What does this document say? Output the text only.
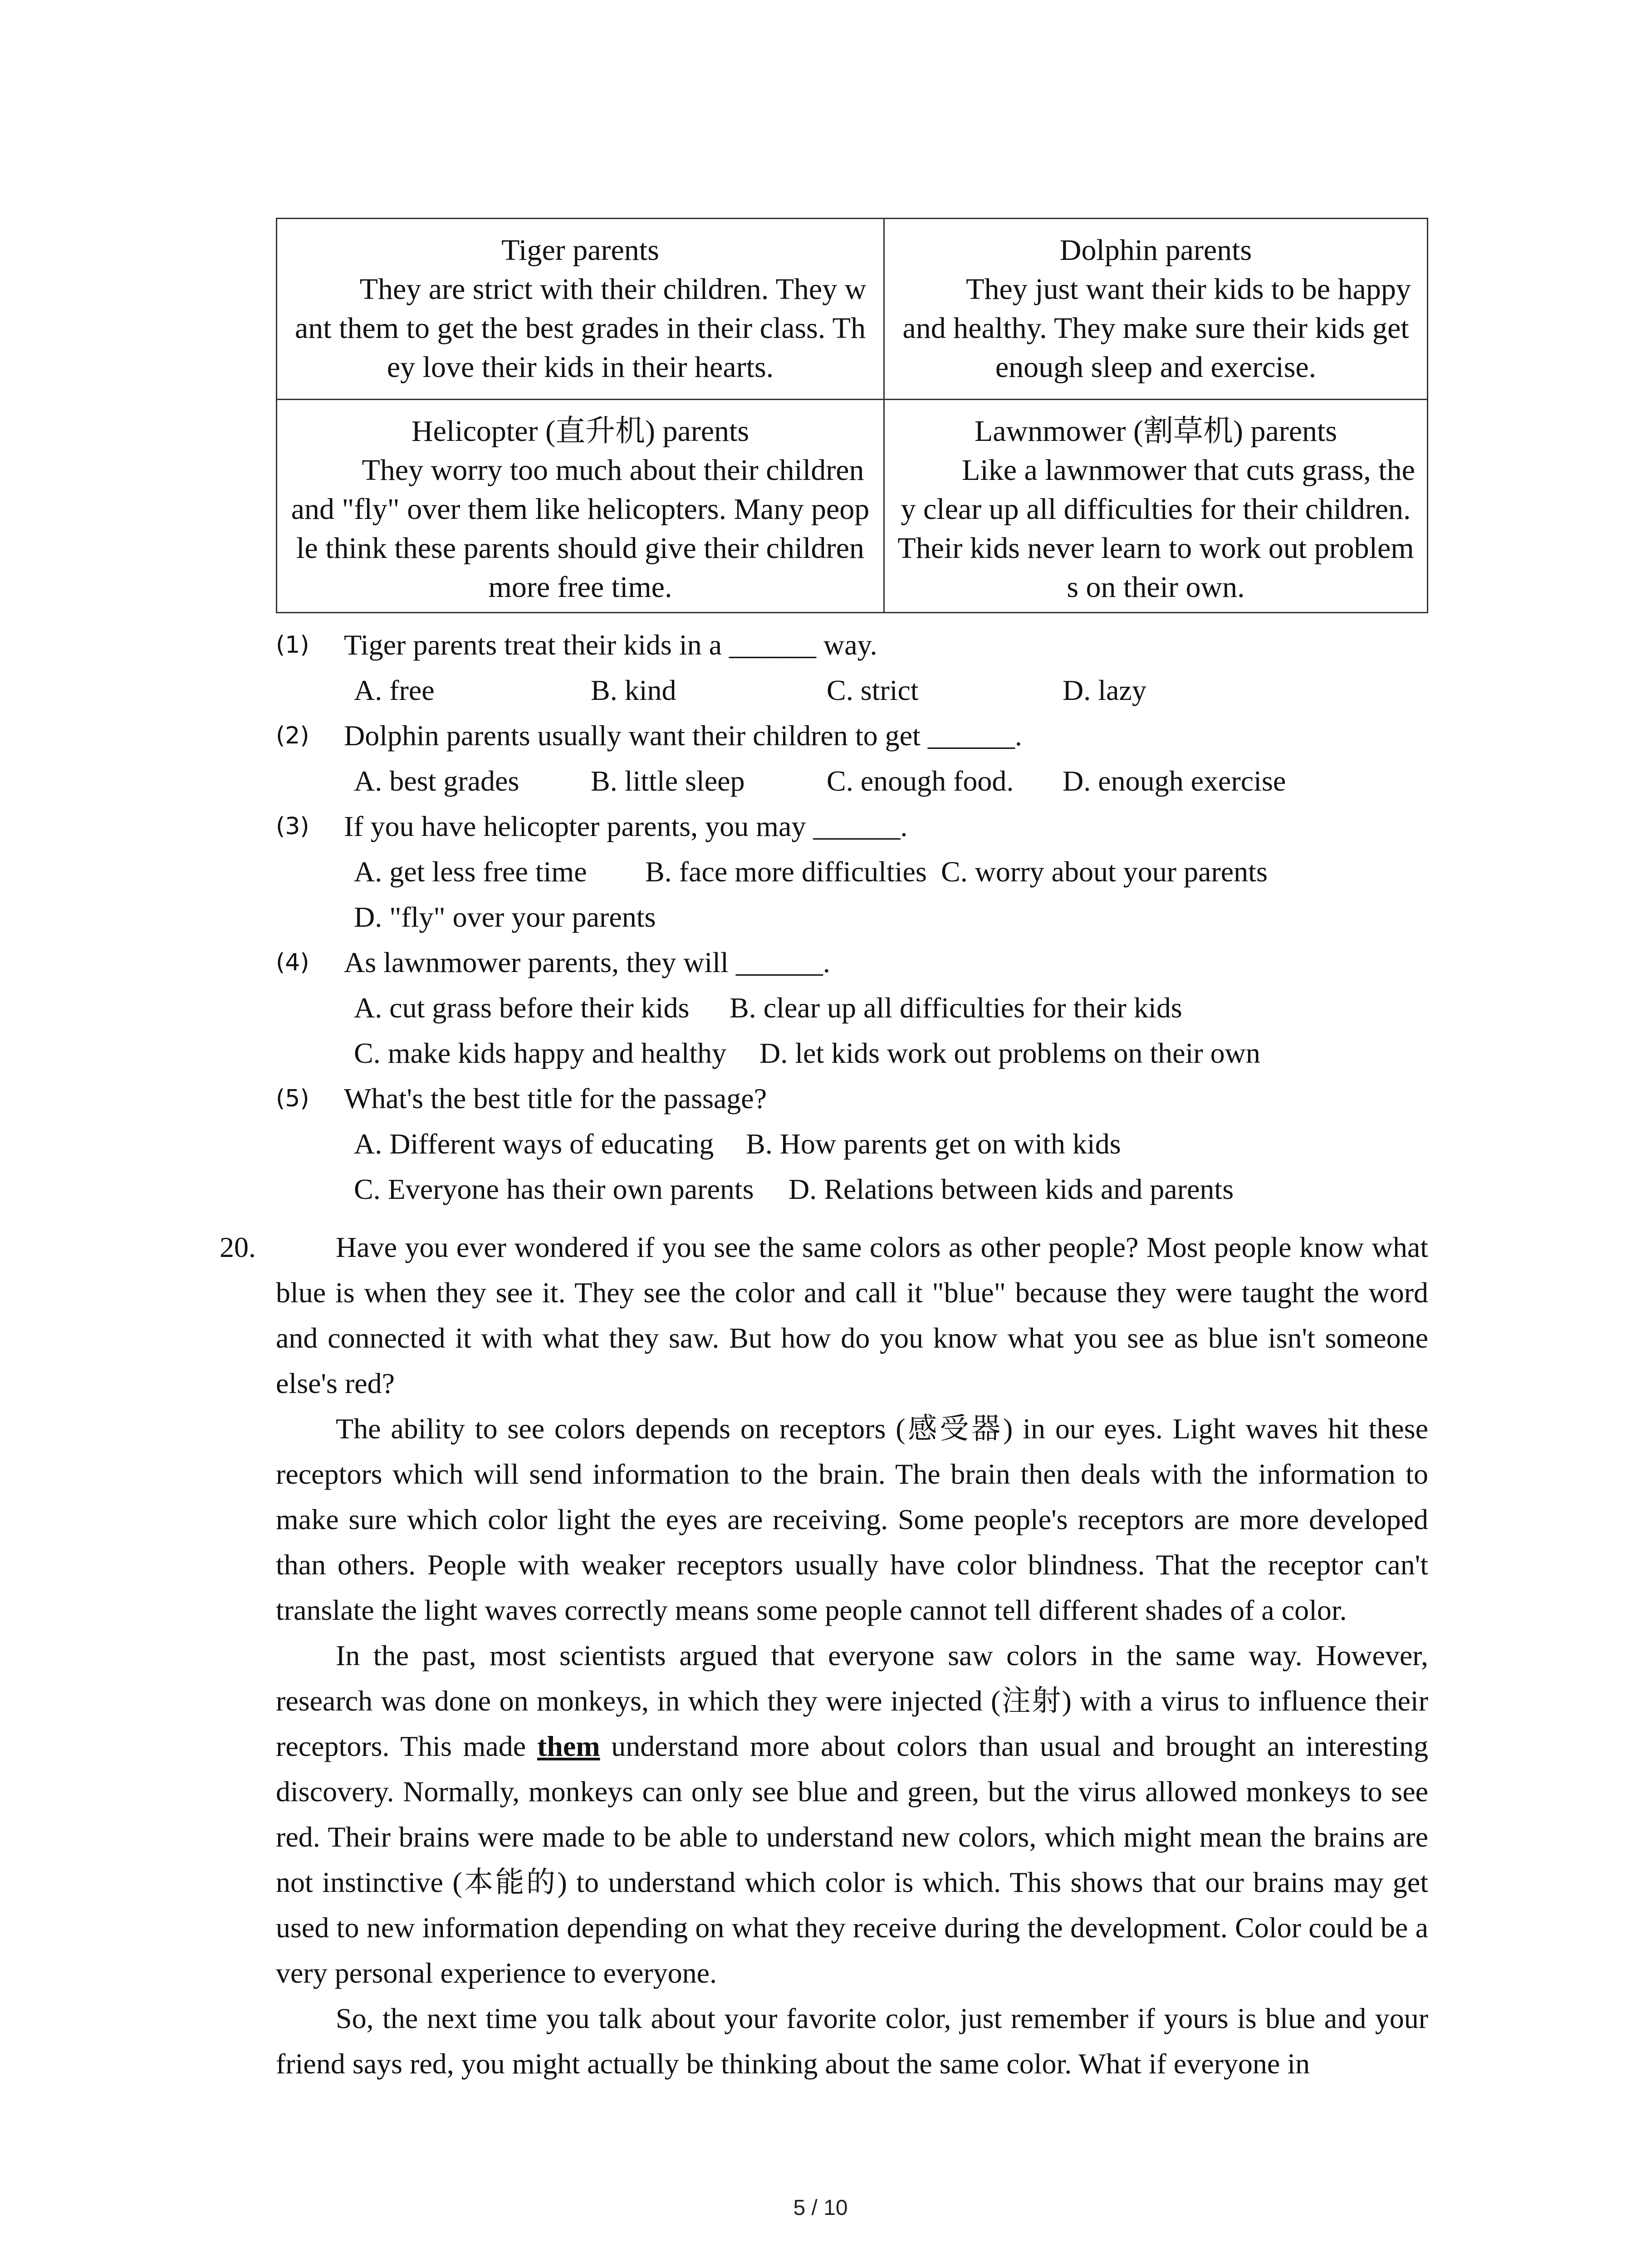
Tiger parents
They are strict with their children. They want them to get the best grades in their class. They love their kids in their hearts.
Dolphin parents
They just want their kids to be happy and healthy. They make sure their kids get enough sleep and exercise.
Helicopter (直升机) parents
They worry too much about their children and "fly" over them like helicopters. Many people think these parents should give their children more free time.
Lawnmower (割草机) parents
Like a lawnmower that cuts grass, they clear up all difficulties for their children. Their kids never learn to work out problems on their own.
(1) Tiger parents treat their kids in a ______ way.
A. free	B. kind	C. strict	D. lazy
(2) Dolphin parents usually want their children to get ______.
A. best grades B. little sleep	C. enough food. D. enough exercise
(3) If you have helicopter parents, you may ______.
A. get less free time B. face more difficulties C. worry about your parents
D. "fly" over your parents
(4) As lawnmower parents, they will ______.
A. cut grass before their kids B. clear up all difficulties for their kids
C. make kids happy and healthy D. let kids work out problems on their own
(5) What's the best title for the passage?
A. Different ways of educating B. How parents get on with kids
C. Everyone has their own parents D. Relations between kids and parents
20.	Have you ever wondered if you see the same colors as other people? Most people know what blue is when they see it. They see the color and call it "blue" because they were taught the word and connected it with what they saw. But how do you know what you see as blue isn't someone else's red?

The ability to see colors depends on receptors (感受器) in our eyes. Light waves hit these receptors which will send information to the brain. The brain then deals with the information to make sure which color light the eyes are receiving. Some people's receptors are more developed than others. People with weaker receptors usually have color blindness. That the receptor can't translate the light waves correctly means some people cannot tell different shades of a color.

In the past, most scientists argued that everyone saw colors in the same way. However, research was done on monkeys, in which they were injected (注射) with a virus to influence their receptors. This made them understand more about colors than usual and brought an interesting discovery. Normally, monkeys can only see blue and green, but the virus allowed monkeys to see red. Their brains were made to be able to understand new colors, which might mean the brains are not instinctive (本能的) to understand which color is which. This shows that our brains may get used to new information depending on what they receive during the development. Color could be a very personal experience to everyone.

So, the next time you talk about your favorite color, just remember if yours is blue and your friend says red, you might actually be thinking about the same color. What if everyone in

5 / 10
